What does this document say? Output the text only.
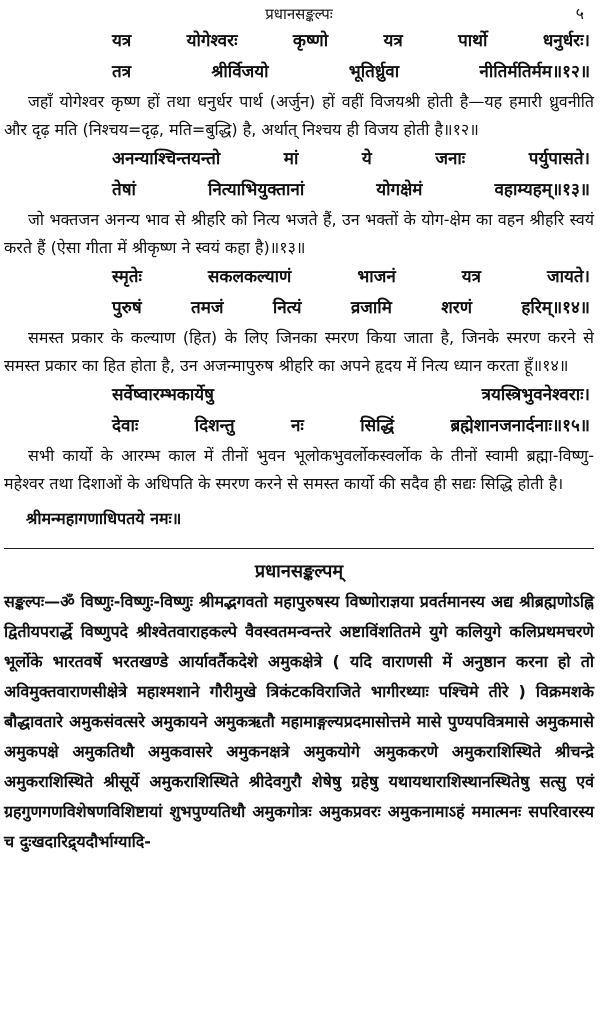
प्रधानसङ्कल्पः	५
यत्र योगेश्वरः कृष्णो यत्र पार्थो धनुर्धरः।
तत्र श्रीर्विजयो भूतिर्ध्रुवा नीतिर्मतिर्मम॥१२॥

जहाँ योगेश्वर कृष्ण हों तथा धनुर्धर पार्थ (अर्जुन) हों वहीं विजयश्री होती है—यह हमारी ध्रुवनीति और दृढ़ मति (निश्चय=दृढ़, मति=बुद्धि) है, अर्थात् निश्चय ही विजय होती है॥१२॥

अनन्याश्चिन्तयन्तो मां ये जनाः पर्युपासते।
तेषां नित्याभियुक्तानां योगक्षेमं वहाम्यहम्॥१३॥

जो भक्तजन अनन्य भाव से श्रीहरि को नित्य भजते हैं, उन भक्तों के योग-क्षेम का वहन श्रीहरि स्वयं करते हैं (ऐसा गीता में श्रीकृष्ण ने स्वयं कहा है)॥१३॥

स्मृतेः सकलकल्याणं भाजनं यत्र जायते।
पुरुषं तमजं नित्यं व्रजामि शरणं हरिम्॥१४॥

समस्त प्रकार के कल्याण (हित) के लिए जिनका स्मरण किया जाता है, जिनके स्मरण करने से समस्त प्रकार का हित होता है, उन अजन्मापुरुष श्रीहरि का अपने हृदय में नित्य ध्यान करता हूँ॥१४॥

सर्वेष्वारम्भकार्येषु त्रयस्त्रिभुवनेश्वराः।
देवाः दिशन्तु नः सिद्धिं ब्रह्मेशानजनार्दनाः॥१५॥

सभी कार्यो के आरम्भ काल में तीनों भुवन भूलोकभुवर्लोकस्वर्लोक के तीनों स्वामी ब्रह्मा-विष्णु-महेश्वर तथा दिशाओं के अधिपति के स्मरण करने से समस्त कार्यो की सदैव ही सद्यः सिद्धि होती है।

श्रीमन्महागणाधिपतये नमः॥
प्रधानसङ्कल्पम्

सङ्कल्पः—ॐ विष्णुः-विष्णुः-विष्णुः श्रीमद्भगवतो महापुरुषस्य विष्णोराज्ञया प्रवर्तमानस्य अद्य श्रीब्रह्मणोऽह्नि द्वितीयपरार्द्धे विष्णुपदे श्रीश्वेतवाराहकल्पे वैवस्वतमन्वन्तरे अष्टाविंशतितमे युगे कलियुगे कलिप्रथमचरणे भूर्लोके भारतवर्षे भरतखण्डे आर्यावर्तैकदेशे अमुकक्षेत्रे ( यदि वाराणसी में अनुष्ठान करना हो तो अविमुक्तवाराणसीक्षेत्रे महाश्मशाने गौरीमुखे त्रिकंटकविराजिते भागीरथ्याः पश्चिमे तीरे ) विक्रमशके बौद्धावतारे अमुकसंवत्सरे अमुकायने अमुकऋतौ महामाङ्गल्यप्रदमासोत्तमे मासे पुण्यपवित्रमासे अमुकमासे अमुकपक्षे अमुकतिथौ अमुकवासरे अमुकनक्षत्रे अमुकयोगे अमुककरणे अमुकराशिस्थिते श्रीचन्द्रे अमुकराशिस्थिते श्रीसूर्ये अमुकराशिस्थिते श्रीदेवगुरौ शेषेषु ग्रहेषु यथायथाराशिस्थानस्थितेषु सत्सु एवं ग्रहगुणगणविशेषणविशिष्टायां शुभपुण्यतिथौ अमुकगोत्रः अमुकप्रवरः अमुकनामाऽहं ममात्मनः सपरिवारस्य च दुःखदारिद्र्यदौर्भाग्यादि-
